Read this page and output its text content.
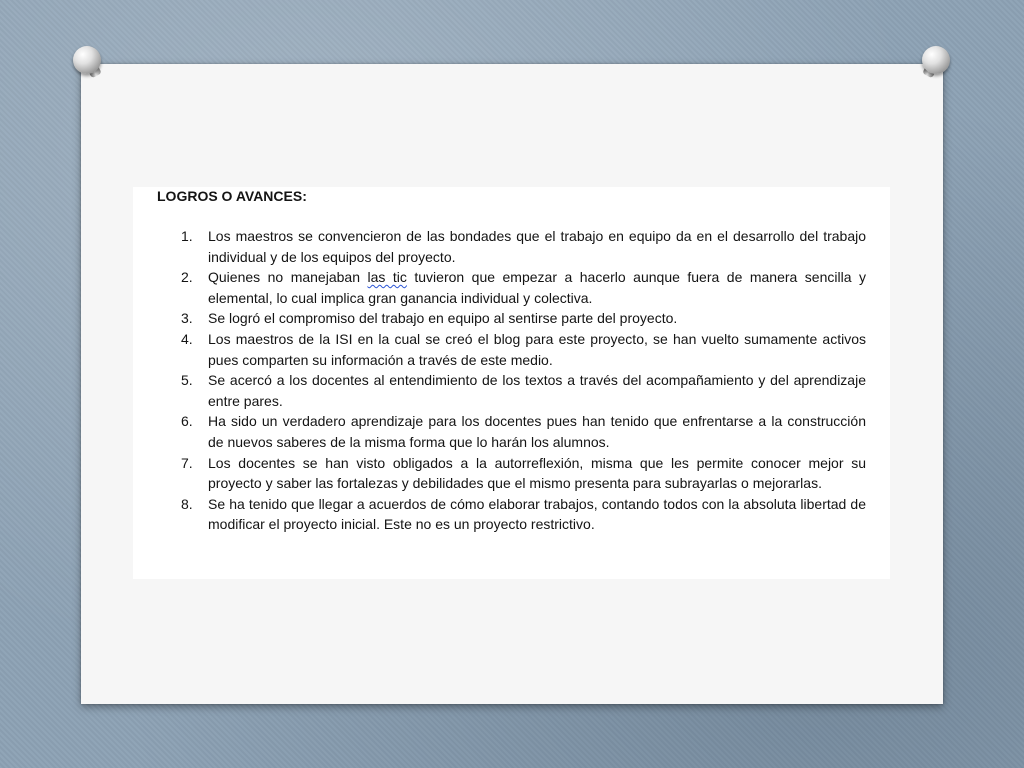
LOGROS O AVANCES:
1. Los maestros se convencieron de las bondades que el trabajo en equipo da en el desarrollo del trabajo individual y de los equipos del proyecto.
2. Quienes no manejaban las tic tuvieron que empezar a hacerlo aunque fuera de manera sencilla y elemental, lo cual implica gran ganancia individual y colectiva.
3. Se logró el compromiso del trabajo en equipo al sentirse parte del proyecto.
4. Los maestros de la ISI en la cual se creó el blog para este proyecto, se han vuelto sumamente activos pues comparten su información a través de este medio.
5. Se acercó a los docentes al entendimiento de los textos a través del acompañamiento y del aprendizaje entre pares.
6. Ha sido un verdadero aprendizaje para los docentes pues han tenido que enfrentarse a la construcción de nuevos saberes de la misma forma que lo harán los alumnos.
7. Los docentes se han visto obligados a la autorreflexión, misma que les permite conocer mejor su proyecto y saber las fortalezas y debilidades que el mismo presenta para subrayarlas o mejorarlas.
8. Se ha tenido que llegar a acuerdos de cómo elaborar trabajos, contando todos con la absoluta libertad de modificar el proyecto inicial. Este no es un proyecto restrictivo.
